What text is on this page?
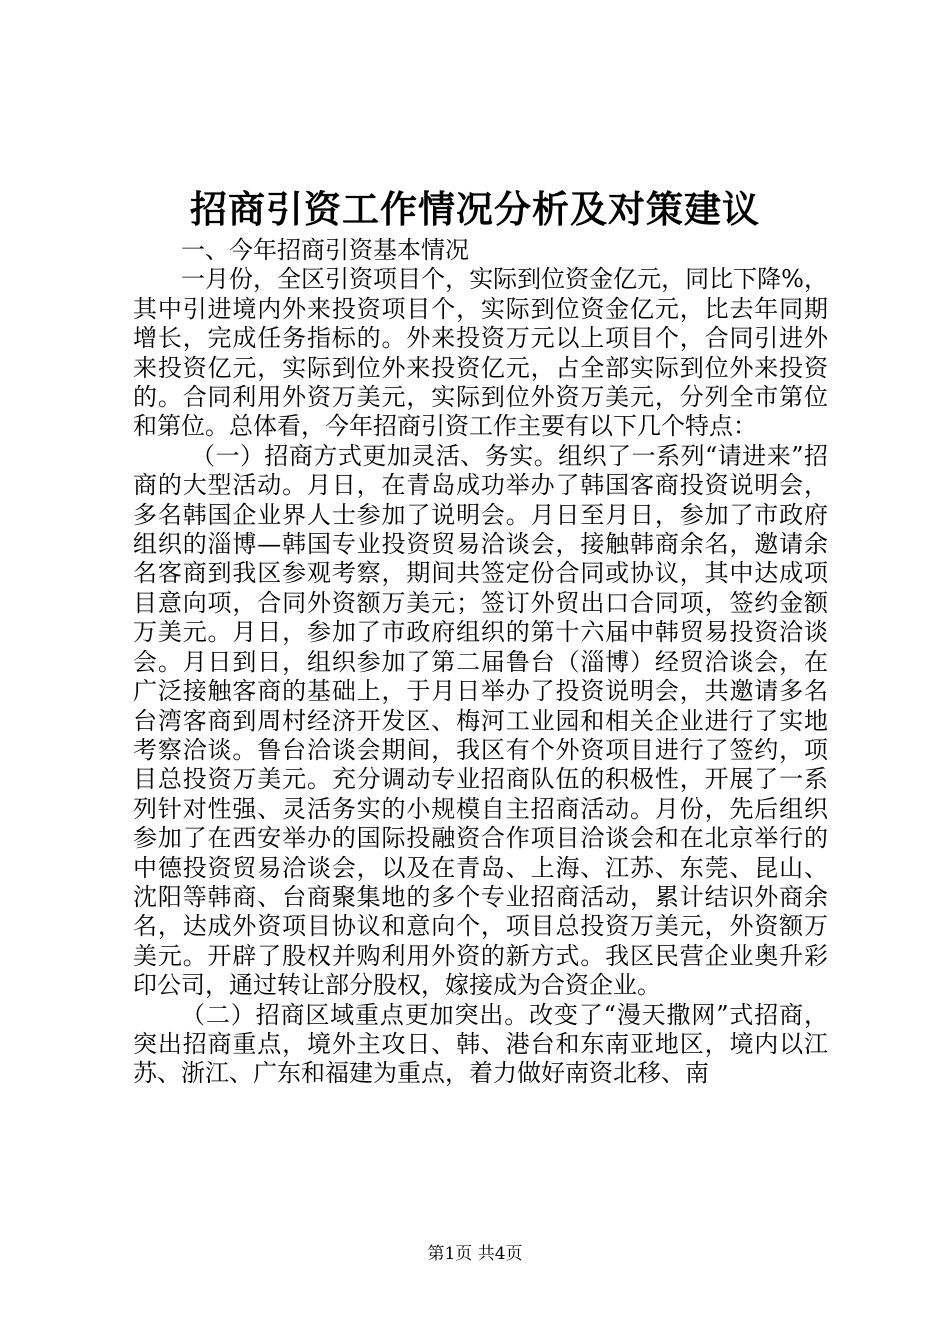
招商引资工作情况分析及对策建议

一、今年招商引资基本情况

一月份，全区引资项目个，实际到位资金亿元，同比下降%，其中引进境内外来投资项目个，实际到位资金亿元，比去年同期增长，完成任务指标的。外来投资万元以上项目个，合同引进外来投资亿元，实际到位外来投资亿元，占全部实际到位外来投资的。合同利用外资万美元，实际到位外资万美元，分列全市第位和第位。总体看，今年招商引资工作主要有以下几个特点：

（一）招商方式更加灵活、务实。组织了一系列“请进来”招商的大型活动。月日，在青岛成功举办了韩国客商投资说明会，多名韩国企业界人士参加了说明会。月日至月日，参加了市政府组织的淄博—韩国专业投资贸易洽谈会，接触韩商余名，邀请余名客商到我区参观考察，期间共签定份合同或协议，其中达成项目意向项，合同外资额万美元；签订外贸出口合同项，签约金额万美元。月日，参加了市政府组织的第十六届中韩贸易投资洽谈会。月日到日，组织参加了第二届鲁台（淄博）经贸洽谈会，在广泛接触客商的基础上，于月日举办了投资说明会，共邀请多名台湾客商到周村经济开发区、梅河工业园和相关企业进行了实地考察洽谈。鲁台洽谈会期间，我区有个外资项目进行了签约，项目总投资万美元。充分调动专业招商队伍的积极性，开展了一系列针对性强、灵活务实的小规模自主招商活动。月份，先后组织参加了在西安举办的国际投融资合作项目洽谈会和在北京举行的中德投资贸易洽谈会，以及在青岛、上海、江苏、东莞、昆山、沈阳等韩商、台商聚集地的多个专业招商活动，累计结识外商余名，达成外资项目协议和意向个，项目总投资万美元，外资额万美元。开辟了股权并购利用外资的新方式。我区民营企业奥升彩印公司，通过转让部分股权，嫁接成为合资企业。

（二）招商区域重点更加突出。改变了“漫天撒网”式招商，突出招商重点，境外主攻日、韩、港台和东南亚地区，境内以江苏、浙江、广东和福建为重点，着力做好南资北移、南

第1页 共4页
